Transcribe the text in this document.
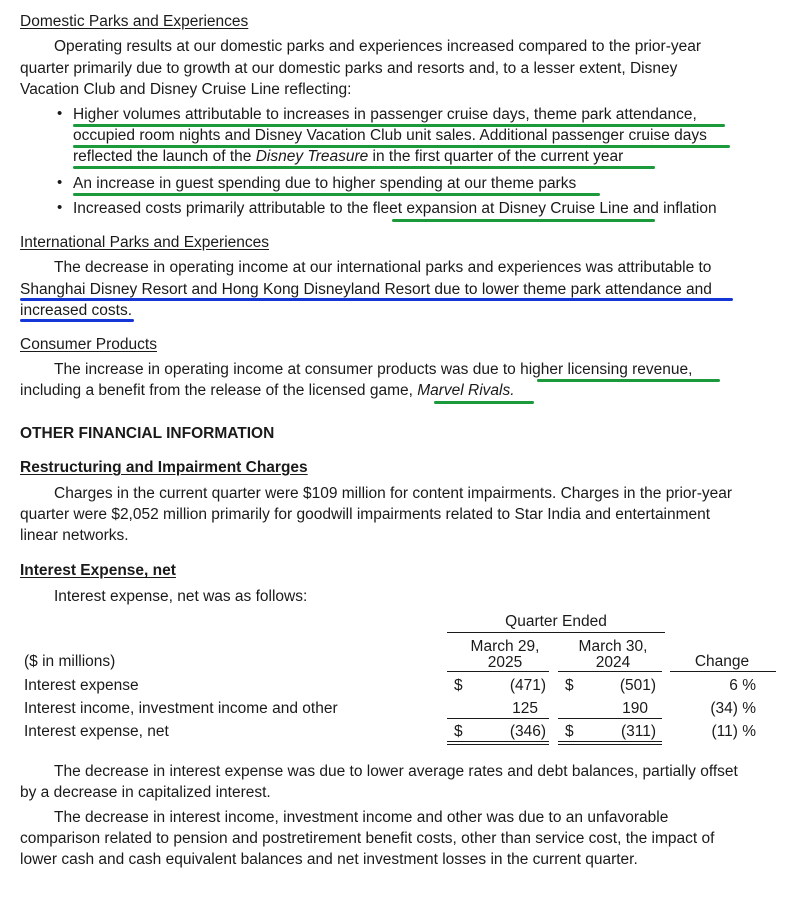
Domestic Parks and Experiences
Operating results at our domestic parks and experiences increased compared to the prior-year
quarter primarily due to growth at our domestic parks and resorts and, to a lesser extent, Disney
Vacation Club and Disney Cruise Line reflecting:
• Higher volumes attributable to increases in passenger cruise days, theme park attendance,
occupied room nights and Disney Vacation Club unit sales. Additional passenger cruise days
reflected the launch of the Disney Treasure in the first quarter of the current year
• An increase in guest spending due to higher spending at our theme parks
• Increased costs primarily attributable to the fleet expansion at Disney Cruise Line and inflation
International Parks and Experiences
The decrease in operating income at our international parks and experiences was attributable to
Shanghai Disney Resort and Hong Kong Disneyland Resort due to lower theme park attendance and
increased costs.
Consumer Products
The increase in operating income at consumer products was due to higher licensing revenue,
including a benefit from the release of the licensed game, Marvel Rivals.
OTHER FINANCIAL INFORMATION
Restructuring and Impairment Charges
Charges in the current quarter were $109 million for content impairments. Charges in the prior-year
quarter were $2,052 million primarily for goodwill impairments related to Star India and entertainment
linear networks.
Interest Expense, net
Interest expense, net was as follows:
Quarter Ended
March 29,
2025
March 30,
2024	Change
($ in millions)
Interest expense	$	(471) $	(501)	6 %
Interest income, investment income and other	125	190	(34) %
Interest expense, net	$	(346) $	(311)	(11) %
The decrease in interest expense was due to lower average rates and debt balances, partially offset
by a decrease in capitalized interest.
The decrease in interest income, investment income and other was due to an unfavorable
comparison related to pension and postretirement benefit costs, other than service cost, the impact of
lower cash and cash equivalent balances and net investment losses in the current quarter.
